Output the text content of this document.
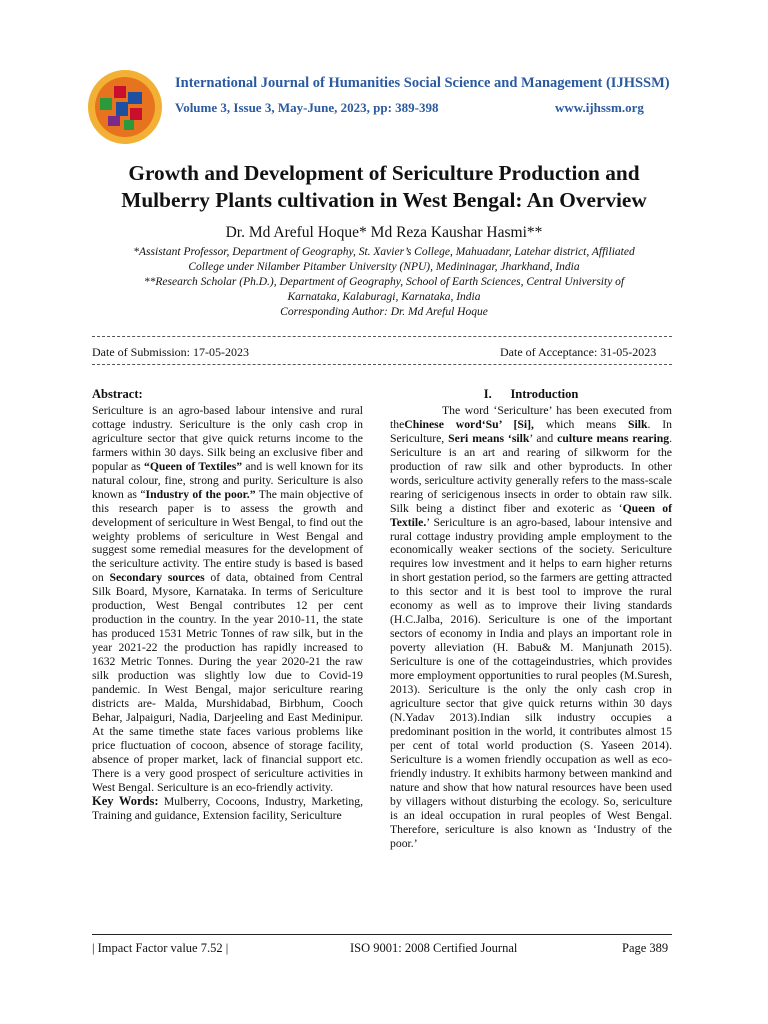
International Journal of Humanities Social Science and Management (IJHSSM)
Volume 3, Issue 3, May-June, 2023, pp: 389-398	www.ijhssm.org
Growth and Development of Sericulture Production and
Mulberry Plants cultivation in West Bengal: An Overview
Dr. Md Areful Hoque* Md Reza Kaushar Hasmi**
*Assistant Professor, Department of Geography, St. Xavier’s College, Mahuadanr, Latehar district, Affiliated
College under Nilamber Pitamber University (NPU), Medininagar, Jharkhand, India
**Research Scholar (Ph.D.), Department of Geography, School of Earth Sciences, Central University of
Karnataka, Kalaburagi, Karnataka, India
Corresponding Author: Dr. Md Areful Hoque
Date of Submission: 17-05-2023	Date of Acceptance: 31-05-2023
Abstract:

Sericulture is an agro-based labour intensive and rural cottage industry. Sericulture is the only cash crop in agriculture sector that give quick returns income to the farmers within 30 days. Silk being an exclusive fiber and popular as “Queen of Textiles” and is well known for its natural colour, fine, strong and purity. Sericulture is also known as “Industry of the poor.” The main objective of this research paper is to assess the growth and development of sericulture in West Bengal, to find out the weighty problems of sericulture in West Bengal and suggest some remedial measures for the development of the sericulture activity. The entire study is based is based on Secondary sources of data, obtained from Central Silk Board, Mysore, Karnataka. In terms of Sericulture production, West Bengal contributes 12 per cent production in the country. In the year 2010-11, the state has produced 1531 Metric Tonnes of raw silk, but in the year 2021-22 the production has rapidly increased to 1632 Metric Tonnes. During the year 2020-21 the raw silk production was slightly low due to Covid-19 pandemic. In West Bengal, major sericulture rearing districts are- Malda, Murshidabad, Birbhum, Cooch Behar, Jalpaiguri, Nadia, Darjeeling and East Medinipur. At the same timethe state faces various problems like price fluctuation of cocoon, absence of storage facility, absence of proper market, lack of financial support etc. There is a very good prospect of sericulture activities in West Bengal. Sericulture is an eco-friendly activity.

Key Words: Mulberry, Cocoons, Industry, Marketing, Training and guidance, Extension facility, Sericulture

I.      Introduction

The word ‘Sericulture’ has been executed from theChinese word‘Su’ [Si], which means Silk. In Sericulture, Seri means ‘silk’ and culture means rearing. Sericulture is an art and rearing of silkworm for the production of raw silk and other byproducts. In other words, sericulture activity generally refers to the mass-scale rearing of sericigenous insects in order to obtain raw silk. Silk being a distinct fiber and exoteric as ‘Queen of Textile.’ Sericulture is an agro-based, labour intensive and rural cottage industry providing ample employment to the economically weaker sections of the society. Sericulture requires low investment and it helps to earn higher returns in short gestation period, so the farmers are getting attracted to this sector and it is best tool to improve the rural economy as well as to improve their living standards (H.C.Jalba, 2016). Sericulture is one of the important sectors of economy in India and plays an important role in poverty alleviation (H. Babu& M. Manjunath 2015). Sericulture is one of the cottageindustries, which provides more employment opportunities to rural peoples (M.Suresh, 2013). Sericulture is the only the only cash crop in agriculture sector that give quick returns within 30 days (N.Yadav 2013).Indian silk industry occupies a predominant position in the world, it contributes almost 15 per cent of total world production (S. Yaseen 2014). Sericulture is a women friendly occupation as well as eco-friendly industry. It exhibits harmony between mankind and nature and show that how natural resources have been used by villagers without disturbing the ecology. So, sericulture is an ideal occupation in rural peoples of West Bengal. Therefore, sericulture is also known as ‘Industry of the poor.’

| Impact Factor value 7.52 |	ISO 9001: 2008 Certified Journal	Page 389
